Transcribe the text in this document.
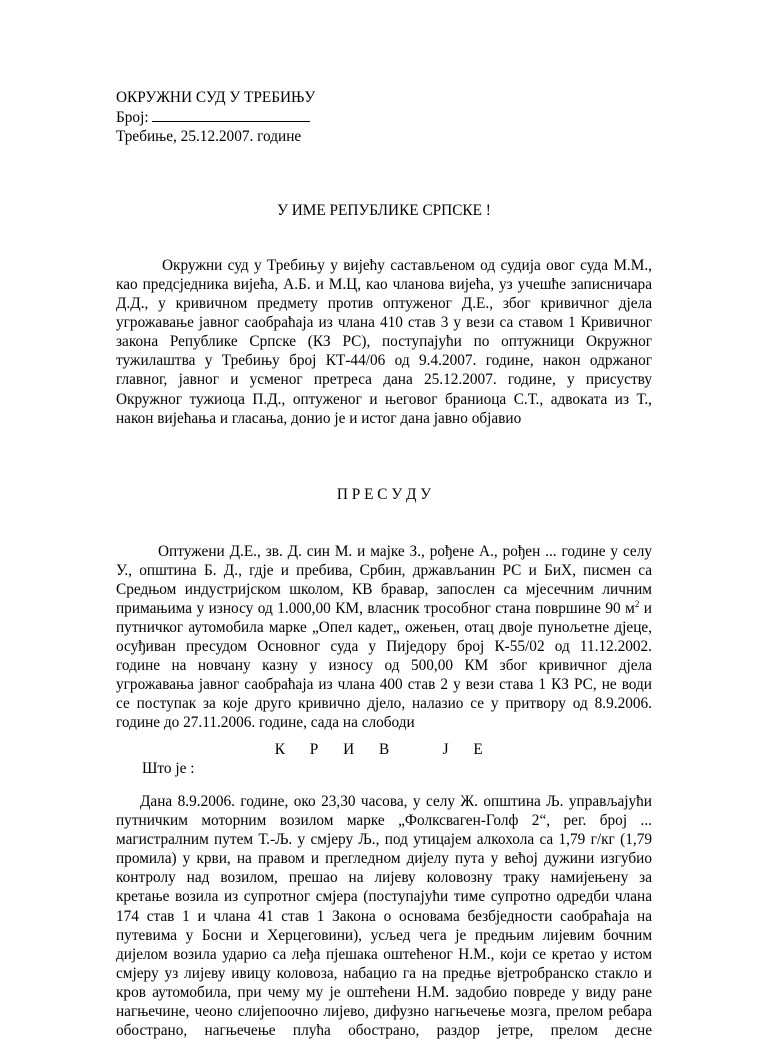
ОКРУЖНИ СУД У ТРЕБИЊУ
Број:
Требиње, 25.12.2007. године
У ИМЕ РЕПУБЛИКЕ СРПСКЕ !
Окружни суд у Требињу у вијећу састављеном од судија овог суда М.М.,
као предсједника вијећа, А.Б. и М.Ц, као чланова вијећа, уз учешће записничара
Д.Д., у кривичном предмету против оптуженог Д.Е., због кривичног дјела
угрожавање јавног саобраћаја из члана 410 став 3 у вези са ставом 1 Кривичног
закона Републике Српске (КЗ РС), поступајући по оптужници Окружног
тужилаштва у Требињу број КТ-44/06 од 9.4.2007. године, након одржаног
главног, јавног и усменог претреса дана 25.12.2007. године, у присуству
Окружног тужиоца П.Д., оптуженог и његовог браниоца С.Т., адвоката из Т.,
након вијећања и гласања, донио је и истог дана јавно објавио
П Р Е С У Д У
Оптужени Д.Е., зв. Д. син М. и мајке З., рођене А., рођен ... године у селу
У., општина Б. Д., гдје и пребива, Србин, држављанин РС и БиХ, писмен са
Средњом индустријском школом, КВ бравар, запослен са мјесечним личним
примањима у износу од 1.000,00 КМ, власник трособног стана површине 90 $м^2$ и
путничког аутомобила марке „Опел кадет„ ожењен, отац двоје пунољетне дјеце,
осуђиван пресудом Основног суда у Пиједору број К-55/02 од 11.12.2002.
године на новчану казну у износу од 500,00 КМ због кривичног дјела
угрожавања јавног саобраћаја из члана 400 став 2 у вези става 1 КЗ РС, не води
се поступак за које друго кривично дјело, налазио се у притвору од 8.9.2006.
године до 27.11.2006. године, сада на слободи
К Р И В   Ј Е
Што је :
Дана 8.9.2006. године, око 23,30 часова, у селу Ж. општина Љ. управљајући
путничким моторним возилом марке „Фолксваген-Голф 2“, рег. број ...
магистралним путем Т.-Љ. у смјеру Љ., под утицајем алкохола са 1,79 г/кг (1,79
промила) у крви, на правом и прегледном дијелу пута у већој дужини изгубио
контролу над возилом, прешао на лијеву коловозну траку намијењену за
кретање возила из супротног смјера (поступајући тиме супротно одредби члана
174 став 1 и члана 41 став 1 Закона о основама безбједности саобраћаја на
путевима у Босни и Херцеговини), усљед чега је предњим лијевим бочним
дијелом возила ударио са леђа пјешака оштећеног Н.М., који се кретао у истом
смјеру уз лијеву ивицу коловоза, набацио га на предње вјетробранско стакло и
кров аутомобила, при чему му је оштећени Н.М. задобио повреде у виду ране
нагњечине, чеоно слијепоочно лијево, дифузно нагњечење мозга, прелом ребара
обострано, нагњечење плућа обострано, раздор јетре, прелом десне
